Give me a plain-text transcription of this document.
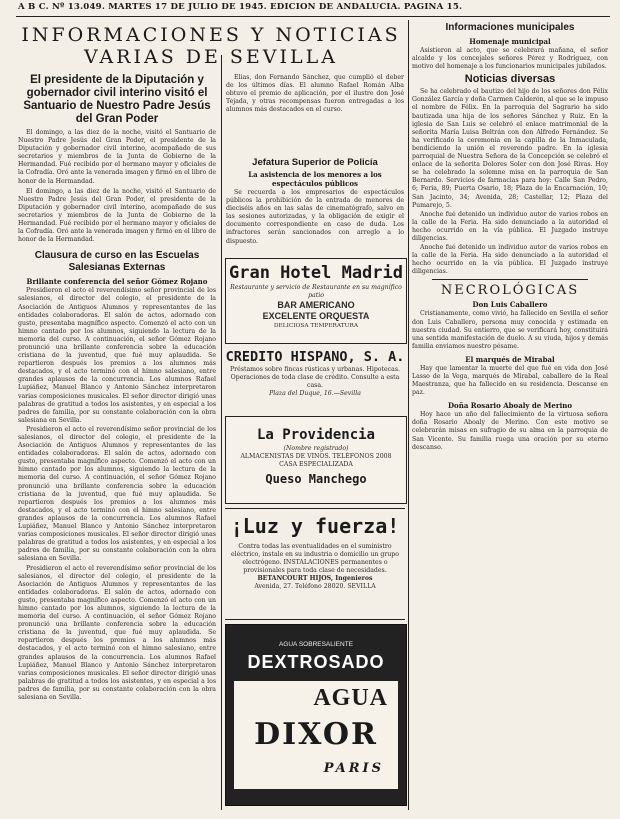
A B C. Nº 13.049. MARTES 17 DE JULIO DE 1945. EDICION DE ANDALUCIA. PAGINA 15.
INFORMACIONES Y NOTICIAS
VARIAS DE SEVILLA
El presidente de la Diputación y gobernador civil interino visitó el Santuario de Nuestro Padre Jesús del Gran Poder

El domingo, a las diez de la noche, visitó el Santuario de Nuestro Padre Jesús del Gran Poder, el presidente de la Diputación y gobernador civil interino, acompañado de sus secretarios y miembros de la Junta de Gobierno de la Hermandad. Fué recibido por el hermano mayor y oficiales de la Cofradía. Oró ante la venerada imagen y firmó en el libro de honor de la Hermandad.

El domingo, a las diez de la noche, visitó el Santuario de Nuestro Padre Jesús del Gran Poder, el presidente de la Diputación y gobernador civil interino, acompañado de sus secretarios y miembros de la Junta de Gobierno de la Hermandad. Fué recibido por el hermano mayor y oficiales de la Cofradía. Oró ante la venerada imagen y firmó en el libro de honor de la Hermandad.

Clausura de curso en las Escuelas Salesianas Externas
Brillante conferencia del señor Gómez Rojano

Presidieron el acto el reverendísimo señor provincial de los salesianos, el director del colegio, el presidente de la Asociación de Antiguos Alumnos y representantes de las entidades colaboradoras. El salón de actos, adornado con gusto, presentaba magnífico aspecto. Comenzó el acto con un himno cantado por los alumnos, siguiendo la lectura de la memoria del curso. A continuación, el señor Gómez Rojano pronunció una brillante conferencia sobre la educación cristiana de la juventud, que fué muy aplaudida. Se repartieron después los premios a los alumnos más destacados, y el acto terminó con el himno salesiano, entre grandes aplausos de la concurrencia. Los alumnos Rafael Lupiáñez, Manuel Blanco y Antonio Sánchez interpretaron varias composiciones musicales. El señor director dirigió unas palabras de gratitud a todos los asistentes, y en especial a los padres de familia, por su constante colaboración con la obra salesiana en Sevilla.

Presidieron el acto el reverendísimo señor provincial de los salesianos, el director del colegio, el presidente de la Asociación de Antiguos Alumnos y representantes de las entidades colaboradoras. El salón de actos, adornado con gusto, presentaba magnífico aspecto. Comenzó el acto con un himno cantado por los alumnos, siguiendo la lectura de la memoria del curso. A continuación, el señor Gómez Rojano pronunció una brillante conferencia sobre la educación cristiana de la juventud, que fué muy aplaudida. Se repartieron después los premios a los alumnos más destacados, y el acto terminó con el himno salesiano, entre grandes aplausos de la concurrencia. Los alumnos Rafael Lupiáñez, Manuel Blanco y Antonio Sánchez interpretaron varias composiciones musicales. El señor director dirigió unas palabras de gratitud a todos los asistentes, y en especial a los padres de familia, por su constante colaboración con la obra salesiana en Sevilla.

Presidieron el acto el reverendísimo señor provincial de los salesianos, el director del colegio, el presidente de la Asociación de Antiguos Alumnos y representantes de las entidades colaboradoras. El salón de actos, adornado con gusto, presentaba magnífico aspecto. Comenzó el acto con un himno cantado por los alumnos, siguiendo la lectura de la memoria del curso. A continuación, el señor Gómez Rojano pronunció una brillante conferencia sobre la educación cristiana de la juventud, que fué muy aplaudida. Se repartieron después los premios a los alumnos más destacados, y el acto terminó con el himno salesiano, entre grandes aplausos de la concurrencia. Los alumnos Rafael Lupiáñez, Manuel Blanco y Antonio Sánchez interpretaron varias composiciones musicales. El señor director dirigió unas palabras de gratitud a todos los asistentes, y en especial a los padres de familia, por su constante colaboración con la obra salesiana en Sevilla.

Elías, don Fernando Sánchez, que cumplió el deber de los últimos días. El alumno Rafael Román Alba obtuvo el premio de aplicación, por el ilustre don José Tejada, y otras recompensas fueron entregadas a los alumnos más destacados en el curso.

Jefatura Superior de Policía
La asistencia de los menores a los espectáculos públicos

Se recuerda a los empresarios de espectáculos públicos la prohibición de la entrada de menores de dieciséis años en las salas de cinematógrafo, salvo en las sesiones autorizadas, y la obligación de exigir el documento correspondiente en caso de duda. Los infractores serán sancionados con arreglo a lo dispuesto.

Gran Hotel Madrid
Restaurante y servicio de Restaurante en su magnífico patio
BAR AMERICANO
EXCELENTE ORQUESTA
DELICIOSA TEMPERATURA
CREDITO HISPANO, S. A.
Préstamos sobre fincas rústicas y urbanas. Hipotecas. Operaciones de toda clase de crédito. Consulte a esta casa.
Plaza del Duque, 16.—Sevilla
La Providencia
(Nombre registrado)
ALMACENISTAS DE VINOS. TELÉFONOS 2008
CASA ESPECIALIZADA
Queso Manchego
¡Luz y fuerza!
Contra todas las eventualidades en el suministro eléctrico, instale en su industria o domicilio un grupo electrógeno. INSTALACIONES permanentes o provisionales para toda clase de necesidades.
BETANCOURT HIJOS, Ingenieros
Avenida, 27. Teléfono 28020. SEVILLA
AGUA SOBRESALIENTE
DEXTROSADO
AGUA
DIXOR
PARIS
Informaciones municipales
Homenaje municipal

Asistieron al acto, que se celebrará mañana, el señor alcalde y los concejales señores Pérez y Rodríguez, con motivo del homenaje a los funcionarios municipales jubilados.

Noticias diversas

Se ha celebrado el bautizo del hijo de los señores don Félix González García y doña Carmen Calderón, al que se le impuso el nombre de Félix. En la parroquia del Sagrario ha sido bautizada una hija de los señores Sánchez y Ruiz. En la iglesia de San Luis se celebró el enlace matrimonial de la señorita María Luisa Beltrán con don Alfredo Fernández. Se ha verificado la ceremonia en la capilla de la Inmaculada, bendiciendo la unión el reverendo padre. En la iglesia parroquial de Nuestra Señora de la Concepción se celebró el enlace de la señorita Dolores Soler con don José Rivas. Hoy se ha celebrado la solemne misa en la parroquia de San Bernardo. Servicios de farmacias para hoy: Calle San Pedro, 6; Feria, 89; Puerta Osario, 18; Plaza de la Encarnación, 10; San Jacinto, 34; Avenida, 28; Castellar, 12; Plaza del Pumarejo, 5.

Anoche fué detenido un individuo autor de varios robos en la calle de la Feria. Ha sido denunciado a la autoridad el hecho ocurrido en la vía pública. El Juzgado instruye diligencias.

Anoche fué detenido un individuo autor de varios robos en la calle de la Feria. Ha sido denunciado a la autoridad el hecho ocurrido en la vía pública. El Juzgado instruye diligencias.

NECROLÓGICAS
Don Luis Caballero

Cristianamente, como vivió, ha fallecido en Sevilla el señor don Luis Caballero, persona muy conocida y estimada en nuestra ciudad. Su entierro, que se verificará hoy, constituirá una sentida manifestación de duelo. A su viuda, hijos y demás familia enviamos nuestro pésame.

El marqués de Mirabal

Hay que lamentar la muerte del que fué en vida don José Lasso de la Vega, marqués de Mirabal, caballero de la Real Maestranza, que ha fallecido en su residencia. Descanse en paz.

Doña Rosario Aboaly de Merino

Hoy hace un año del fallecimiento de la virtuosa señora doña Rosario Aboaly de Merino. Con este motivo se celebrarán misas en sufragio de su alma en la parroquia de San Vicente. Su familia ruega una oración por su eterno descanso.
